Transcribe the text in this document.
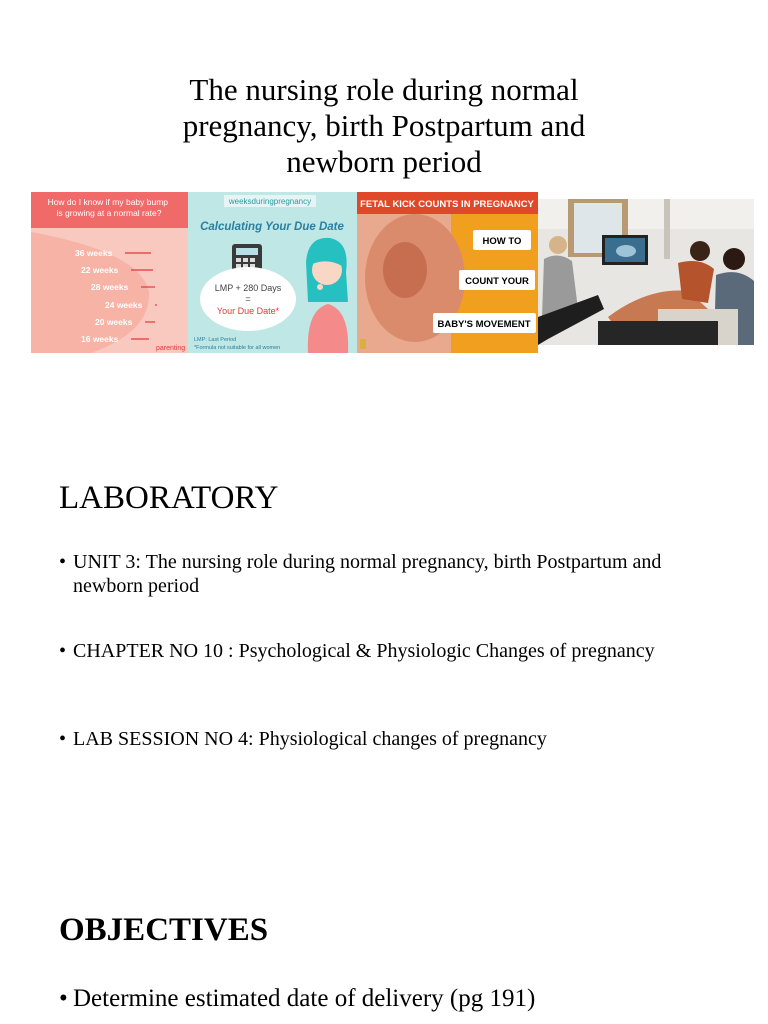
The nursing role during normal pregnancy, birth Postpartum and newborn period
How do I know if my baby bump is growing at a normal rate?
36 weeks
22 weeks
28 weeks
24 weeks
20 weeks
16 weeks
parenting
weeksduringpregnancy
Calculating Your Due Date
LMP + 280 Days
=
Your Due Date*
LMP: Last Period
*Formula not suitable for all women
FETAL KICK COUNTS IN PREGNANCY
HOW TO
COUNT YOUR
BABY'S MOVEMENT
LABORATORY
• UNIT 3: The nursing role during normal pregnancy, birth Postpartum and newborn period
• CHAPTER NO 10 : Psychological & Physiologic Changes of pregnancy
• LAB SESSION NO 4: Physiological changes of pregnancy
OBJECTIVES
• Determine estimated date of delivery (pg 191)
